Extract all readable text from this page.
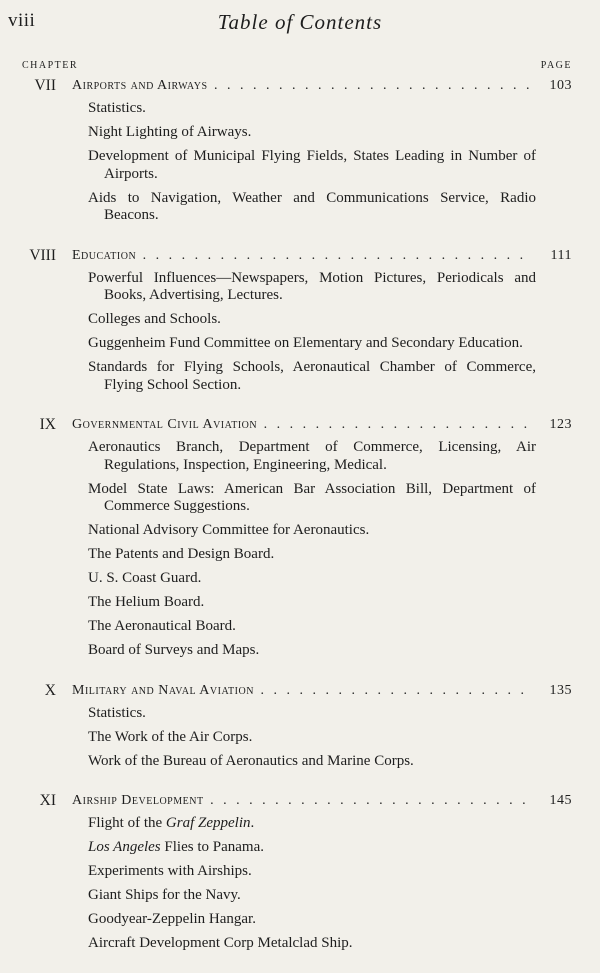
viii	Table of Contents
CHAPTER	PAGE
VII Airports and Airways . . .	103
Statistics.
Night Lighting of Airways.
Development of Municipal Flying Fields, States Leading in Number of Airports.
Aids to Navigation, Weather and Communications Service, Radio Beacons.
VIII Education . . .	111
Powerful Influences—Newspapers, Motion Pictures, Periodicals and Books, Advertising, Lectures.
Colleges and Schools.
Guggenheim Fund Committee on Elementary and Secondary Education.
Standards for Flying Schools, Aeronautical Chamber of Commerce, Flying School Section.
IX Governmental Civil Aviation . . .	123
Aeronautics Branch, Department of Commerce, Licensing, Air Regulations, Inspection, Engineering, Medical.
Model State Laws: American Bar Association Bill, Department of Commerce Suggestions.
National Advisory Committee for Aeronautics.
The Patents and Design Board.
U. S. Coast Guard.
The Helium Board.
The Aeronautical Board.
Board of Surveys and Maps.
X Military and Naval Aviation . . .	135
Statistics.
The Work of the Air Corps.
Work of the Bureau of Aeronautics and Marine Corps.
XI Airship Development . . .	145
Flight of the Graf Zeppelin.
Los Angeles Flies to Panama.
Experiments with Airships.
Giant Ships for the Navy.
Goodyear-Zeppelin Hangar.
Aircraft Development Corp Metalclad Ship.
